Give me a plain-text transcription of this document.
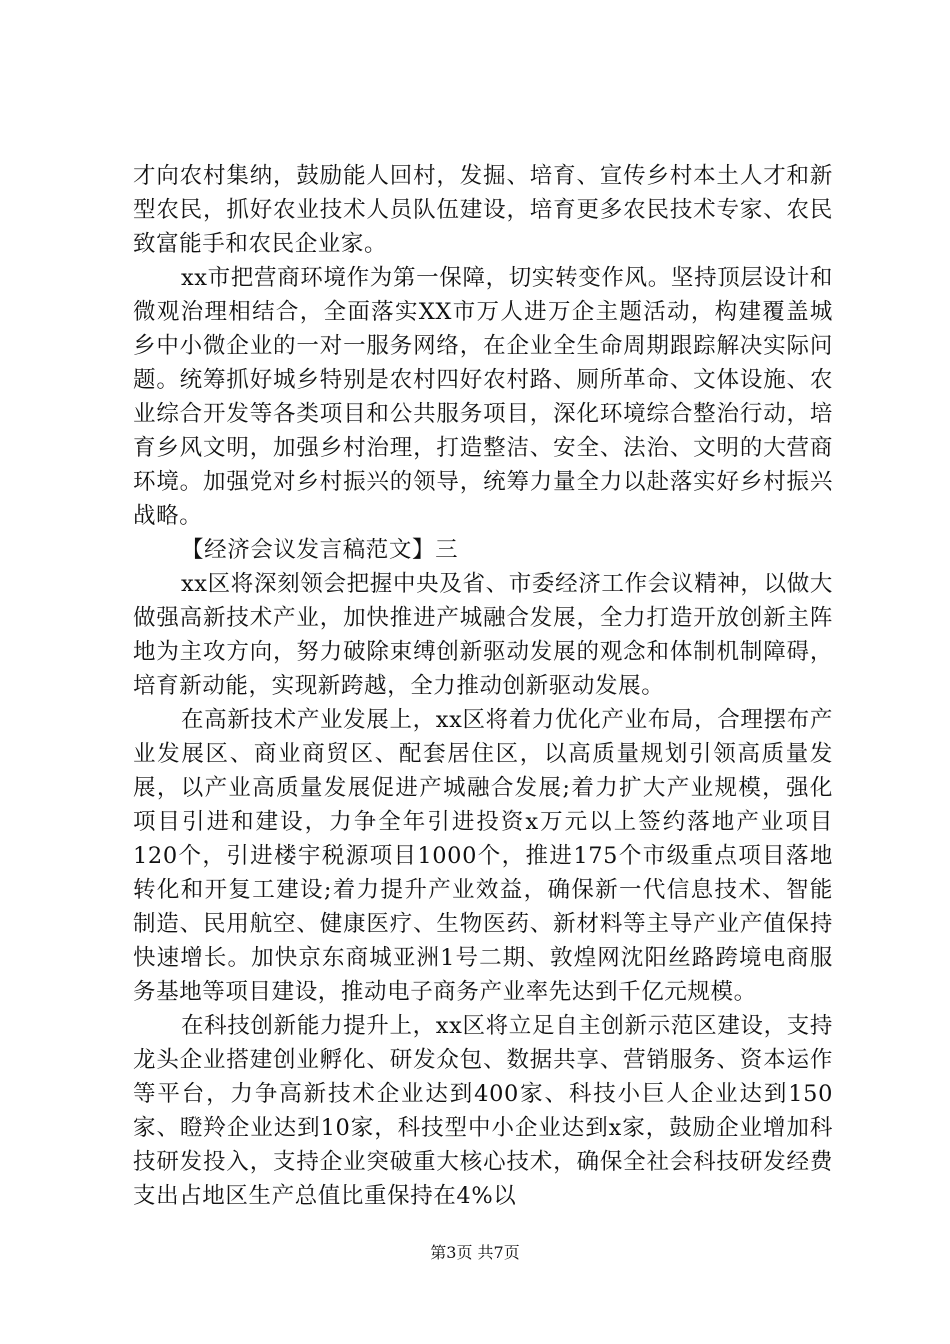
才向农村集纳，鼓励能人回村，发掘、培育、宣传乡村本土人才和新型农民，抓好农业技术人员队伍建设，培育更多农民技术专家、农民致富能手和农民企业家。

xx市把营商环境作为第一保障，切实转变作风。坚持顶层设计和微观治理相结合，全面落实XX市万人进万企主题活动，构建覆盖城乡中小微企业的一对一服务网络，在企业全生命周期跟踪解决实际问题。统筹抓好城乡特别是农村四好农村路、厕所革命、文体设施、农业综合开发等各类项目和公共服务项目，深化环境综合整治行动，培育乡风文明，加强乡村治理，打造整洁、安全、法治、文明的大营商环境。加强党对乡村振兴的领导，统筹力量全力以赴落实好乡村振兴战略。

【经济会议发言稿范文】三

xx区将深刻领会把握中央及省、市委经济工作会议精神，以做大做强高新技术产业，加快推进产城融合发展，全力打造开放创新主阵地为主攻方向，努力破除束缚创新驱动发展的观念和体制机制障碍，培育新动能，实现新跨越，全力推动创新驱动发展。

在高新技术产业发展上，xx区将着力优化产业布局，合理摆布产业发展区、商业商贸区、配套居住区，以高质量规划引领高质量发展，以产业高质量发展促进产城融合发展;着力扩大产业规模，强化项目引进和建设，力争全年引进投资x万元以上签约落地产业项目120个，引进楼宇税源项目1000个，推进175个市级重点项目落地转化和开复工建设;着力提升产业效益，确保新一代信息技术、智能制造、民用航空、健康医疗、生物医药、新材料等主导产业产值保持快速增长。加快京东商城亚洲1号二期、敦煌网沈阳丝路跨境电商服务基地等项目建设，推动电子商务产业率先达到千亿元规模。

在科技创新能力提升上，xx区将立足自主创新示范区建设，支持龙头企业搭建创业孵化、研发众包、数据共享、营销服务、资本运作等平台，力争高新技术企业达到400家、科技小巨人企业达到150家、瞪羚企业达到10家，科技型中小企业达到x家，鼓励企业增加科技研发投入，支持企业突破重大核心技术，确保全社会科技研发经费支出占地区生产总值比重保持在4%以

第3页 共7页
